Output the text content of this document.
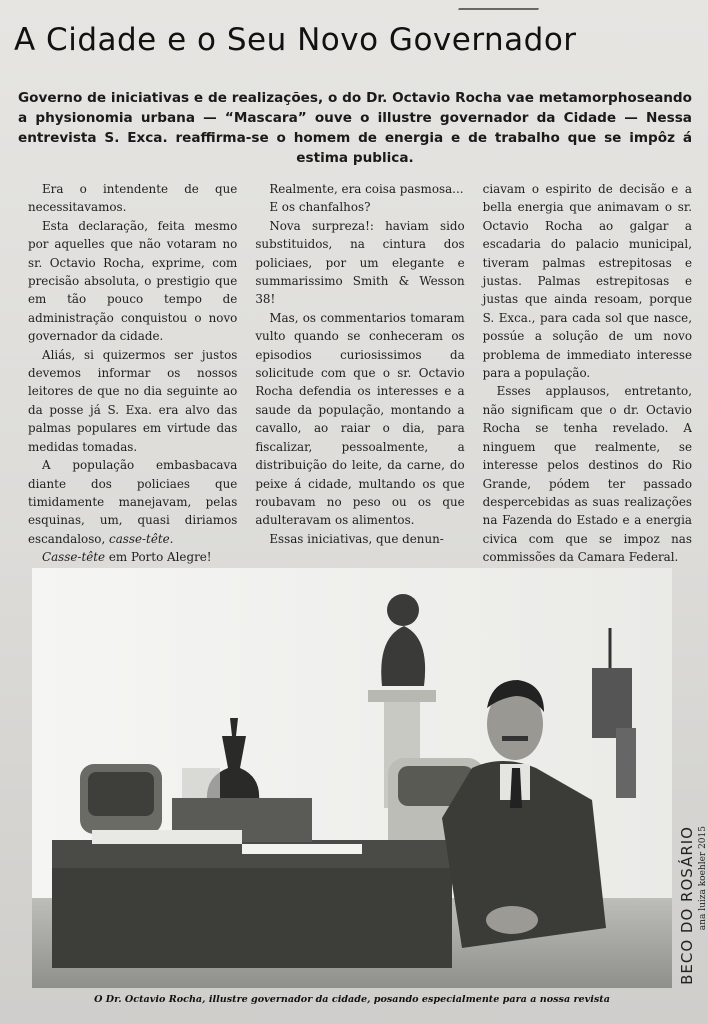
A Cidade e o Seu Novo Governador
Governo de iniciativas e de realizações, o do Dr. Octavio Rocha vae metamorphoseando a physionomia urbana — “Mascara” ouve o illustre governador da Cidade — Nessa entrevista S. Exca. reaffirma-se o homem de energia e de trabalho que se impôz á estima publica.

Era o intendente de que necessitavamos.

Esta declaração, feita mesmo por aquelles que não votaram no sr. Octavio Rocha, exprime, com precisão absoluta, o prestigio que em tão pouco tempo de administração conquistou o novo governador da cidade.

Aliás, si quizermos ser justos devemos informar os nossos leitores de que no dia seguinte ao da posse já S. Exa. era alvo das palmas populares em virtude das medidas tomadas.

A população embasbacava diante dos policiaes que timidamente manejavam, pelas esquinas, um, quasi diriamos escandaloso, casse-tête.

Casse-tête em Porto Alegre!

Realmente, era coisa pasmosa...

E os chanfalhos?

Nova surpreza!: haviam sido substituidos, na cintura dos policiaes, por um elegante e summarissimo Smith & Wesson 38!

Mas, os commentarios tomaram vulto quando se conheceram os episodios curiosissimos da solicitude com que o sr. Octavio Rocha defendia os interesses e a saude da população, montando a cavallo, ao raiar o dia, para fiscalizar, pessoalmente, a distribuição do leite, da carne, do peixe á cidade, multando os que roubavam no peso ou os que adulteravam os alimentos.

Essas iniciativas, que denun-

ciavam o espirito de decisão e a bella energia que animavam o sr. Octavio Rocha ao galgar a escadaria do palacio municipal, tiveram palmas estrepitosas e justas. Palmas estrepitosas e justas que ainda resoam, porque S. Exca., para cada sol que nasce, possúe a solução de um novo problema de immediato interesse para a população.

Esses applausos, entretanto, não significam que o dr. Octavio Rocha se tenha revelado. A ninguem que realmente, se interesse pelos destinos do Rio Grande, pódem ter passado despercebidas as suas realizações na Fazenda do Estado e a energia civica com que se impoz nas commissões da Camara Federal.

O Dr. Octavio Rocha, illustre governador da cidade, posando especialmente para a nossa revista
BECO DO ROSÁRIO ana luiza koehler 2015
